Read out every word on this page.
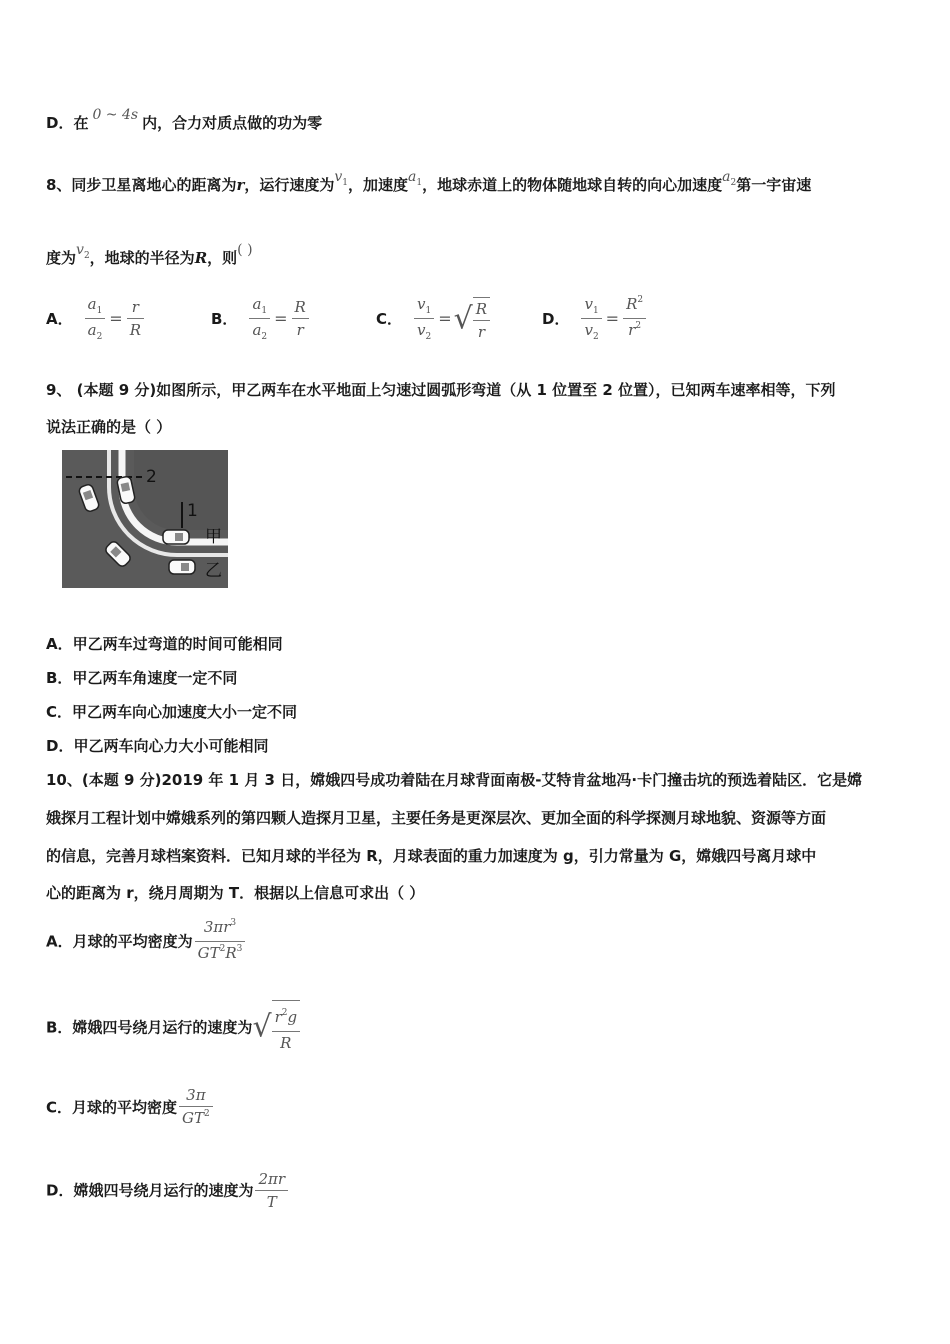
D．在 0 ~ 4s 内，合力对质点做的功为零
8、同步卫星离地心的距离为r，运行速度为$v_1$，加速度$a_1$，地球赤道上的物体随地球自转的向心加速度$a_2$第一宇宙速
度为$v_2$，地球的半径为R，则( )
A． $\frac{a_1}{a_2} = \frac{r}{R}$	B． $\frac{a_1}{a_2} = \frac{R}{r}$	C． $\frac{v_1}{v_2}$ =√ $\frac{R}{r}$	D． $\frac{v_1}{v_2} = \frac{R^2}{r^2}$
9、 (本题 9 分)如图所示，甲乙两车在水平地面上匀速过圆弧形弯道（从 1 位置至 2 位置），已知两车速率相等，下列
说法正确的是（ ）
2
1
甲
乙
A．甲乙两车过弯道的时间可能相同
B．甲乙两车角速度一定不同
C．甲乙两车向心加速度大小一定不同
D．甲乙两车向心力大小可能相同
10、(本题 9 分)2019 年 1 月 3 日，嫦娥四号成功着陆在月球背面南极-艾特肯盆地冯·卡门撞击坑的预选着陆区．它是嫦
娥探月工程计划中嫦娥系列的第四颗人造探月卫星，主要任务是更深层次、更加全面的科学探测月球地貌、资源等方面
的信息，完善月球档案资料．已知月球的半径为 R，月球表面的重力加速度为 g，引力常量为 G，嫦娥四号离月球中
心的距离为 r，绕月周期为 T．根据以上信息可求出（ ）
A．月球的平均密度为 $\frac{3\pi r^3}{GT^2R^3}$
B．嫦娥四号绕月运行的速度为√ $\frac{r^2g}{R}$
C．月球的平均密度 $\frac{3\pi}{GT^2}$
D．嫦娥四号绕月运行的速度为 $\frac{2\pi r}{T}$
